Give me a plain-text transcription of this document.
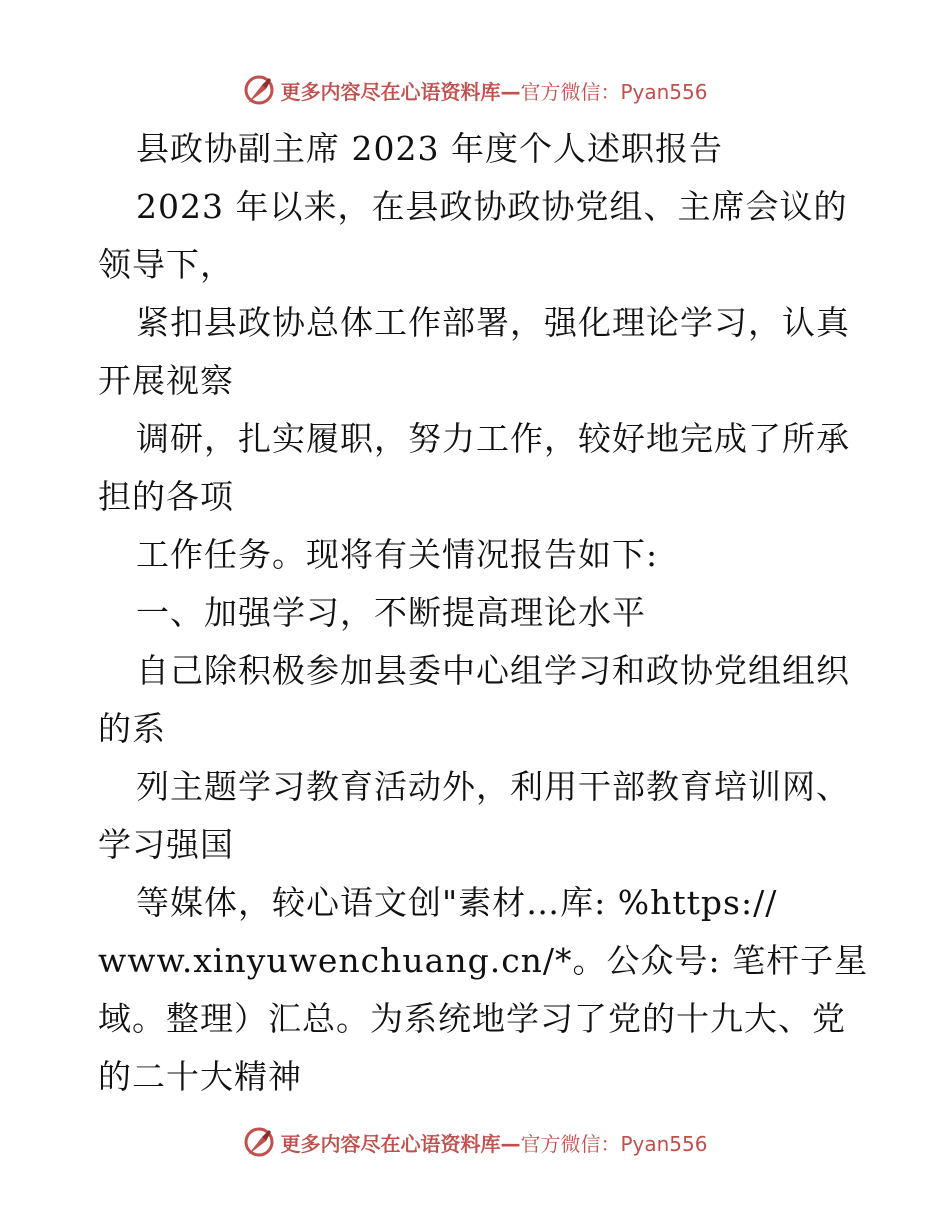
更多内容尽在心语资料库—官方微信：Pyan556
县政协副主席 2023 年度个人述职报告
2023 年以来，在县政协政协党组、主席会议的
领导下，
紧扣县政协总体工作部署，强化理论学习，认真
开展视察
调研，扎实履职，努力工作，较好地完成了所承
担的各项
工作任务。现将有关情况报告如下:
一、加强学习，不断提高理论水平
自己除积极参加县委中心组学习和政协党组组织
的系
列主题学习教育活动外，利用干部教育培训网、
学习强国
等媒体，较心语文创"素材…库: %https://
www.xinyuwenchuang.cn/*。公众号: 笔杆子星
域。整理）汇总。为系统地学习了党的十九大、党
的二十大精神
更多内容尽在心语资料库—官方微信：Pyan556
